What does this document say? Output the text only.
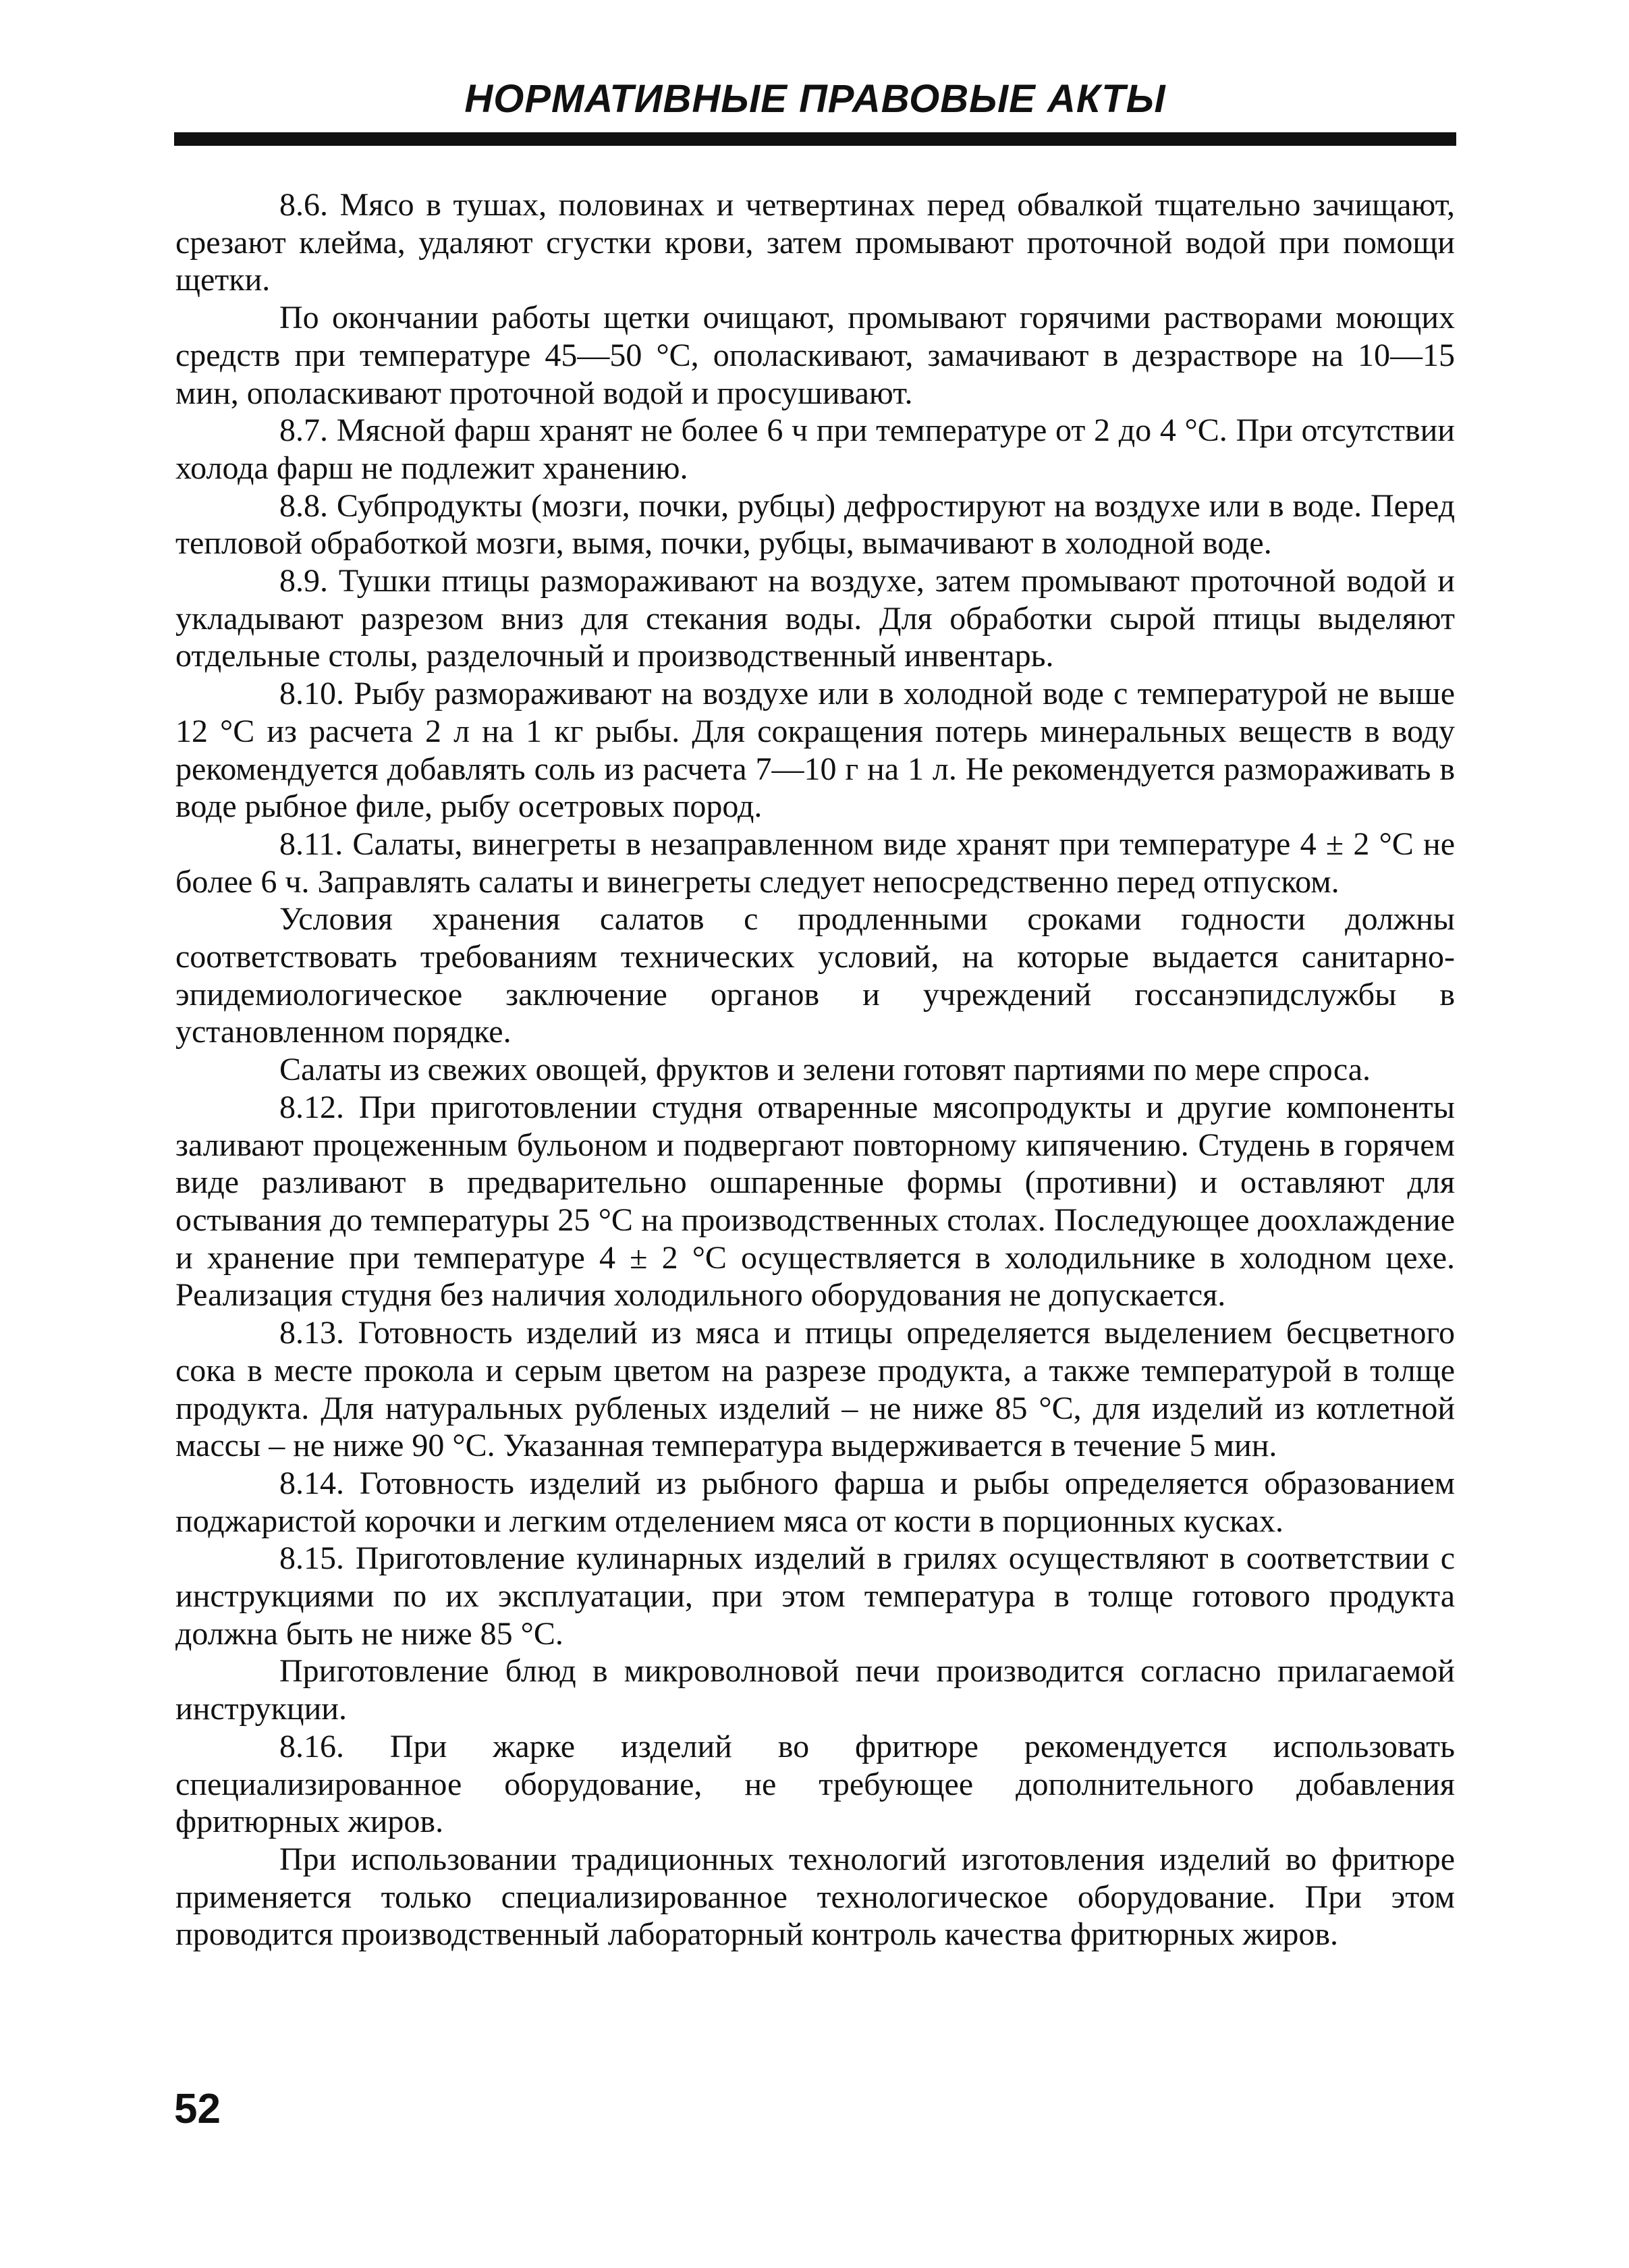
НОРМАТИВНЫЕ ПРАВОВЫЕ АКТЫ

8.6. Мясо в тушах, половинах и четвертинах перед обвалкой тщательно зачищают, срезают клейма, удаляют сгустки крови, затем промывают проточной водой при помощи щетки.

По окончании работы щетки очищают, промывают горячими растворами моющих средств при температуре 45—50 °С, ополаскивают, замачивают в дезрастворе на 10—15 мин, ополаскивают проточной водой и просушивают.

8.7. Мясной фарш хранят не более 6 ч при температуре от 2 до 4 °С. При отсутствии холода фарш не подлежит хранению.

8.8. Субпродукты (мозги, почки, рубцы) дефростируют на воздухе или в воде. Перед тепловой обработкой мозги, вымя, почки, рубцы, вымачивают в холодной воде.

8.9. Тушки птицы размораживают на воздухе, затем промывают проточной водой и укладывают разрезом вниз для стекания воды. Для обработки сырой птицы выделяют отдельные столы, разделочный и производственный инвентарь.

8.10. Рыбу размораживают на воздухе или в холодной воде с температурой не выше 12 °С из расчета 2 л на 1 кг рыбы. Для сокращения потерь минеральных веществ в воду рекомендуется добавлять соль из расчета 7—10 г на 1 л. Не рекомендуется размораживать в воде рыбное филе, рыбу осетровых пород.

8.11. Салаты, винегреты в незаправленном виде хранят при температуре 4 ± 2 °С не более 6 ч. Заправлять салаты и винегреты следует непосредственно перед отпуском.

Условия хранения салатов с продленными сроками годности должны соответствовать требованиям технических условий, на которые выдается санитарно-эпидемиологическое заключение органов и учреждений госсанэпидслужбы в установленном порядке.

Салаты из свежих овощей, фруктов и зелени готовят партиями по мере спроса.

8.12. При приготовлении студня отваренные мясопродукты и другие компоненты заливают процеженным бульоном и подвергают повторному кипячению. Студень в горячем виде разливают в предварительно ошпаренные формы (противни) и оставляют для остывания до температуры 25 °С на производственных столах. Последующее доохлаждение и хранение при температуре 4 ± 2 °С осуществляется в холодильнике в холодном цехе. Реализация студня без наличия холодильного оборудования не допускается.

8.13. Готовность изделий из мяса и птицы определяется выделением бесцветного сока в месте прокола и серым цветом на разрезе продукта, а также температурой в толще продукта. Для натуральных рубленых изделий – не ниже 85 °С, для изделий из котлетной массы – не ниже 90 °С. Указанная температура выдерживается в течение 5 мин.

8.14. Готовность изделий из рыбного фарша и рыбы определяется образованием поджаристой корочки и легким отделением мяса от кости в порционных кусках.

8.15. Приготовление кулинарных изделий в грилях осуществляют в соответствии с инструкциями по их эксплуатации, при этом температура в толще готового продукта должна быть не ниже 85 °С.

Приготовление блюд в микроволновой печи производится согласно прилагаемой инструкции.

8.16. При жарке изделий во фритюре рекомендуется использовать специализированное оборудование, не требующее дополнительного добавления фритюрных жиров.

При использовании традиционных технологий изготовления изделий во фритюре применяется только специализированное технологическое оборудование. При этом проводится производственный лабораторный контроль качества фритюрных жиров.

52
